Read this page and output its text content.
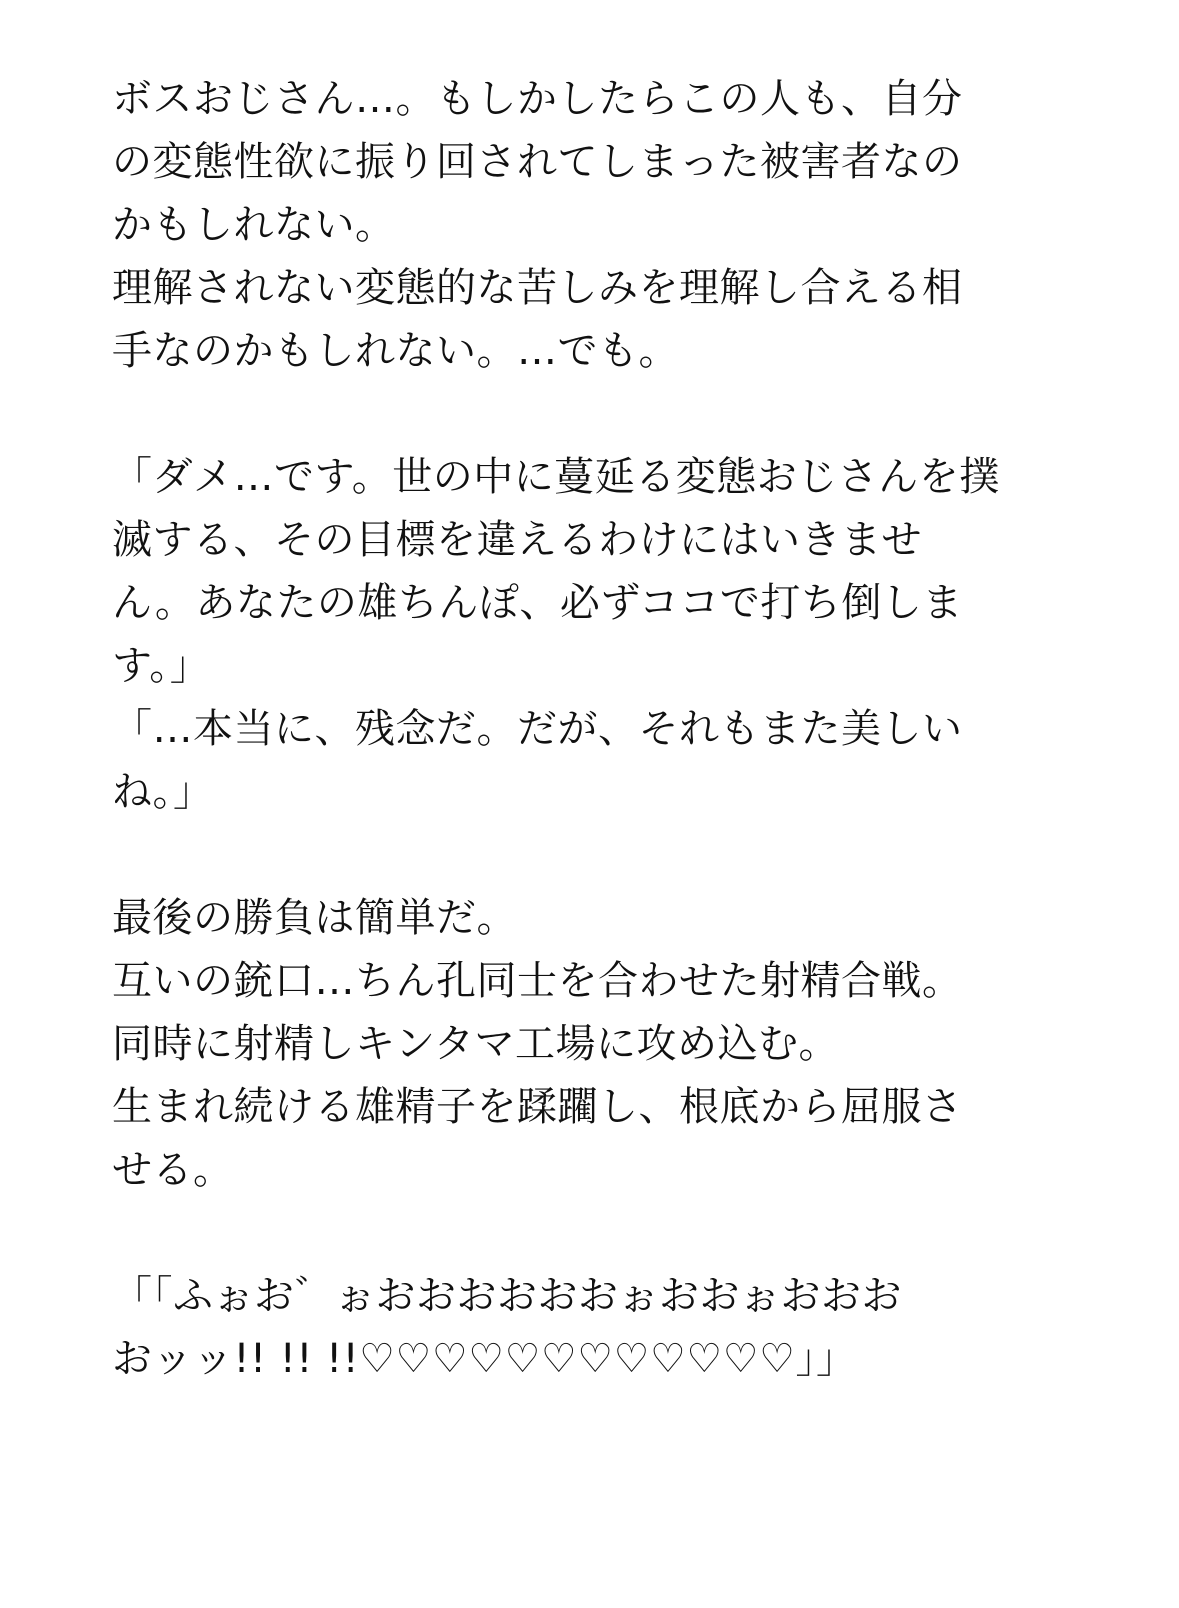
ボスおじさん…。もしかしたらこの人も、自分
の変態性欲に振り回されてしまった被害者なの
かもしれない。
理解されない変態的な苦しみを理解し合える相
手なのかもしれない。…でも。
「ダメ…です。世の中に蔓延る変態おじさんを撲
滅する、その目標を違えるわけにはいきませ
ん。あなたの雄ちんぽ、必ずココで打ち倒しま
す。」
「…本当に、残念だ。だが、それもまた美しい
ね。」
最後の勝負は簡単だ。
互いの銃口…ちん孔同士を合わせた射精合戦。
同時に射精しキンタマ工場に攻め込む。
生まれ続ける雄精子を蹂躙し、根底から屈服さ
せる。
「「ふぉお゛ぉおおおおおおぉおおぉおおお
おッッ!! !! !!♡♡♡♡♡♡♡♡♡♡♡♡」」
